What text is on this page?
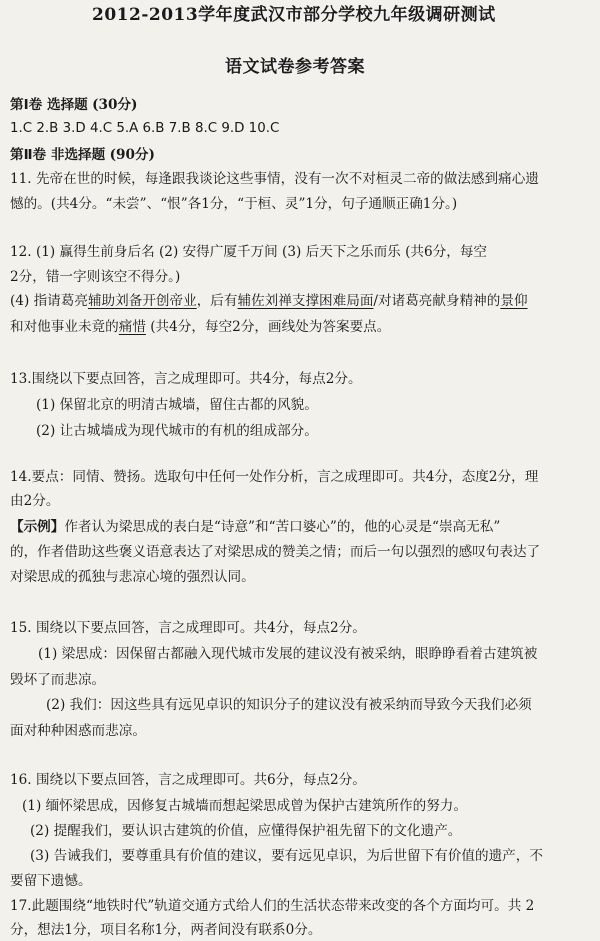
2012-2013学年度武汉市部分学校九年级调研测试
语文试卷参考答案
第Ⅰ卷 选择题 (30分)
1.C 2.B 3.D 4.C 5.A 6.B 7.B 8.C 9.D 10.C
第Ⅱ卷 非选择题 (90分)
11. 先帝在世的时候，每逢跟我谈论这些事情，没有一次不对桓灵二帝的做法感到痛心遗
憾的。(共4分。“未尝”、“恨”各1分，“于桓、灵”1分，句子通顺正确1分。)
12. (1) 赢得生前身后名 (2) 安得广厦千万间 (3) 后天下之乐而乐 (共6分，每空
2分，错一字则该空不得分。)
(4) 指请葛亮辅助刘备开创帝业，后有辅佐刘禅支撑困难局面/对诸葛亮献身精神的景仰
和对他事业未竟的痛惜 (共4分，每空2分，画线处为答案要点。
13.围绕以下要点回答，言之成理即可。共4分，每点2分。
(1) 保留北京的明清古城墙，留住古都的风貌。
(2) 让古城墙成为现代城市的有机的组成部分。
14.要点：同情、赞扬。选取句中任何一处作分析，言之成理即可。共4分，态度2分，理
由2分。
【示例】作者认为梁思成的表白是“诗意”和“苦口婆心”的，他的心灵是“崇高无私”
的，作者借助这些褒义语意表达了对梁思成的赞美之情；而后一句以强烈的感叹句表达了
对梁思成的孤独与悲凉心境的强烈认同。
15. 围绕以下要点回答，言之成理即可。共4分，每点2分。
(1) 梁思成：因保留古都融入现代城市发展的建议没有被采纳，眼睁睁看着古建筑被
毁坏了而悲凉。
(2) 我们：因这些具有远见卓识的知识分子的建议没有被采纳而导致今天我们必须
面对种种困惑而悲凉。
16. 围绕以下要点回答，言之成理即可。共6分，每点2分。
(1) 缅怀梁思成，因修复古城墙而想起梁思成曾为保护古建筑所作的努力。
(2) 提醒我们，要认识古建筑的价值，应懂得保护祖先留下的文化遗产。
(3) 告诫我们，要尊重具有价值的建议，要有远见卓识，为后世留下有价值的遗产，不
要留下遗憾。
17.此题围绕“地铁时代”轨道交通方式给人们的生活状态带来改变的各个方面均可。共 2
分，想法1分，项目名称1分，两者间没有联系0分。
